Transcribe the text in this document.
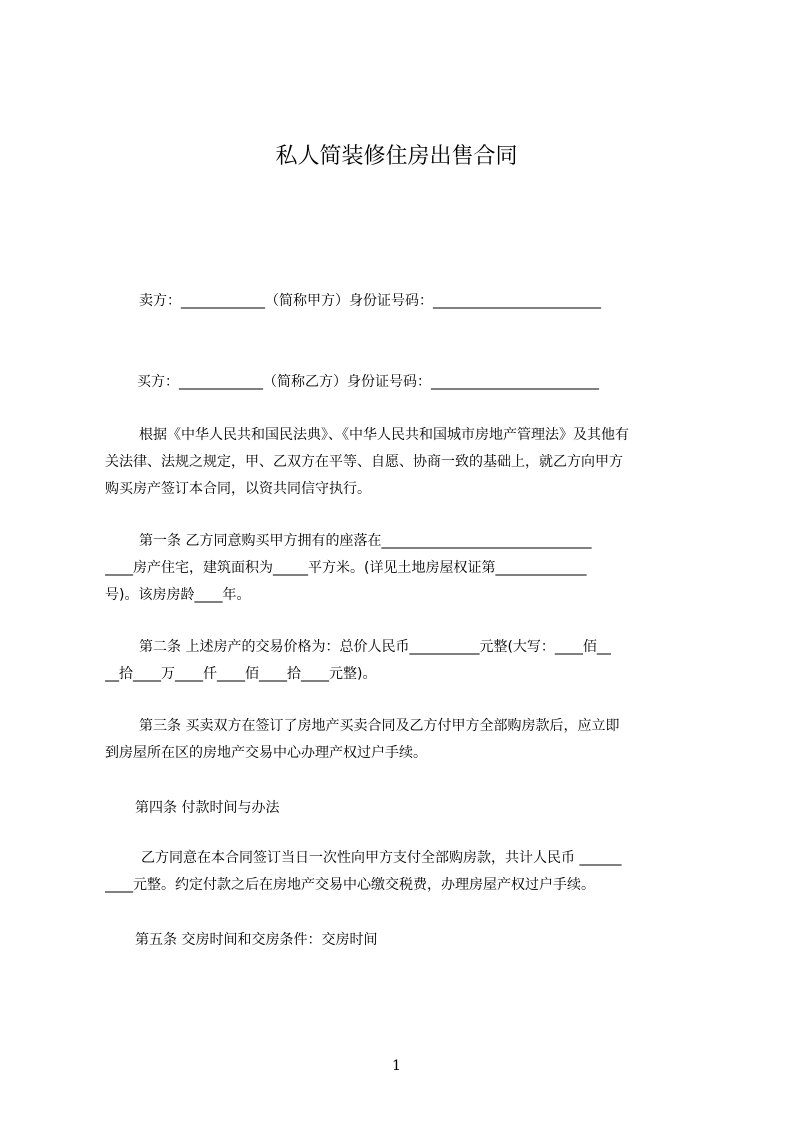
私人简装修住房出售合同
卖方：____________（简称甲方）身份证号码：________________________
买方：____________（简称乙方）身份证号码：________________________
根据《中华人民共和国民法典》、《中华人民共和国城市房地产管理法》及其他有
关法律、法规之规定，甲、乙双方在平等、自愿、协商一致的基础上，就乙方向甲方
购买房产签订本合同，以资共同信守执行。
第一条 乙方同意购买甲方拥有的座落在______________________________
____房产住宅，建筑面积为_____平方米。(详见土地房屋权证第_____________
号)。该房房龄____年。
第二条 上述房产的交易价格为：总价人民币__________元整(大写：____佰__
__拾____万____仟____佰____拾____元整)。
第三条 买卖双方在签订了房地产买卖合同及乙方付甲方全部购房款后，应立即
到房屋所在区的房地产交易中心办理产权过户手续。
第四条 付款时间与办法
乙方同意在本合同签订当日一次性向甲方支付全部购房款，共计人民币 ______
____元整。约定付款之后在房地产交易中心缴交税费，办理房屋产权过户手续。
第五条 交房时间和交房条件：交房时间
1
